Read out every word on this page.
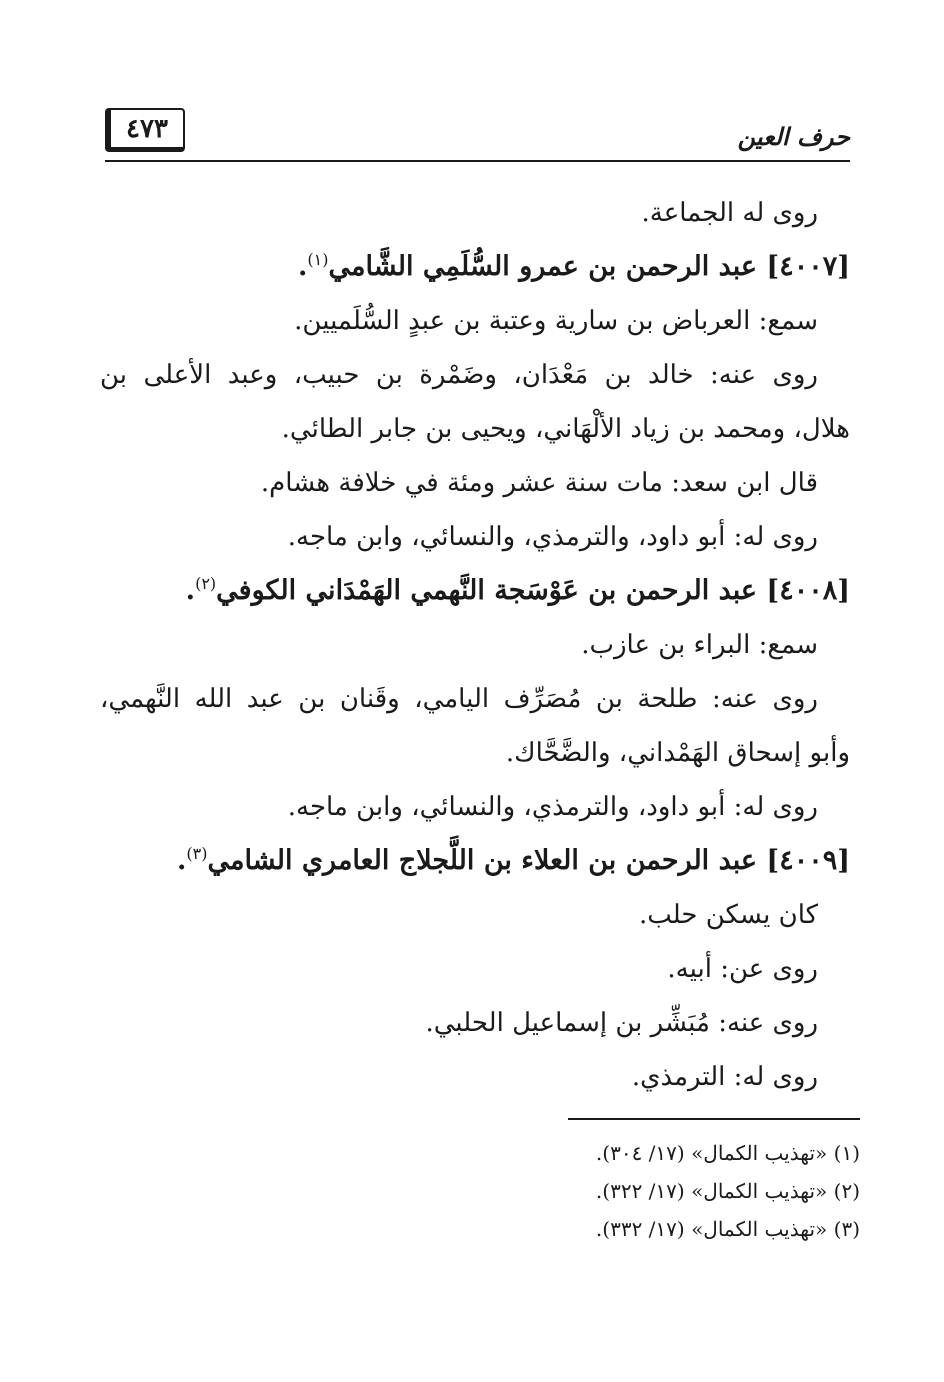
٤٧٣	حرف العين
روى له الجماعة.
[٤٠٠٧] عبد الرحمن بن عمرو السُّلَمِي الشَّامي$^{(١)}$.
سمع: العرباض بن سارية وعتبة بن عبدٍ السُّلَميين.
روى عنه: خالد بن مَعْدَان، وضَمْرة بن حبيب، وعبد الأعلى بن
هلال، ومحمد بن زياد الألْهَاني، ويحيى بن جابر الطائي.
قال ابن سعد: مات سنة عشر ومئة في خلافة هشام.
روى له: أبو داود، والترمذي، والنسائي، وابن ماجه.
[٤٠٠٨] عبد الرحمن بن عَوْسَجة النَّهمي الهَمْدَاني الكوفي$^{(٢)}$.
سمع: البراء بن عازب.
روى عنه: طلحة بن مُصَرِّف اليامي، وقَنان بن عبد الله النَّهمي،
وأبو إسحاق الهَمْداني، والضَّحَّاك.
روى له: أبو داود، والترمذي، والنسائي، وابن ماجه.
[٤٠٠٩] عبد الرحمن بن العلاء بن اللَّجلاج العامري الشامي$^{(٣)}$.
كان يسكن حلب.
روى عن: أبيه.
روى عنه: مُبَشِّر بن إسماعيل الحلبي.
روى له: الترمذي.
(١) «تهذيب الكمال» (١٧/ ٣٠٤).
(٢) «تهذيب الكمال» (١٧/ ٣٢٢).
(٣) «تهذيب الكمال» (١٧/ ٣٣٢).
